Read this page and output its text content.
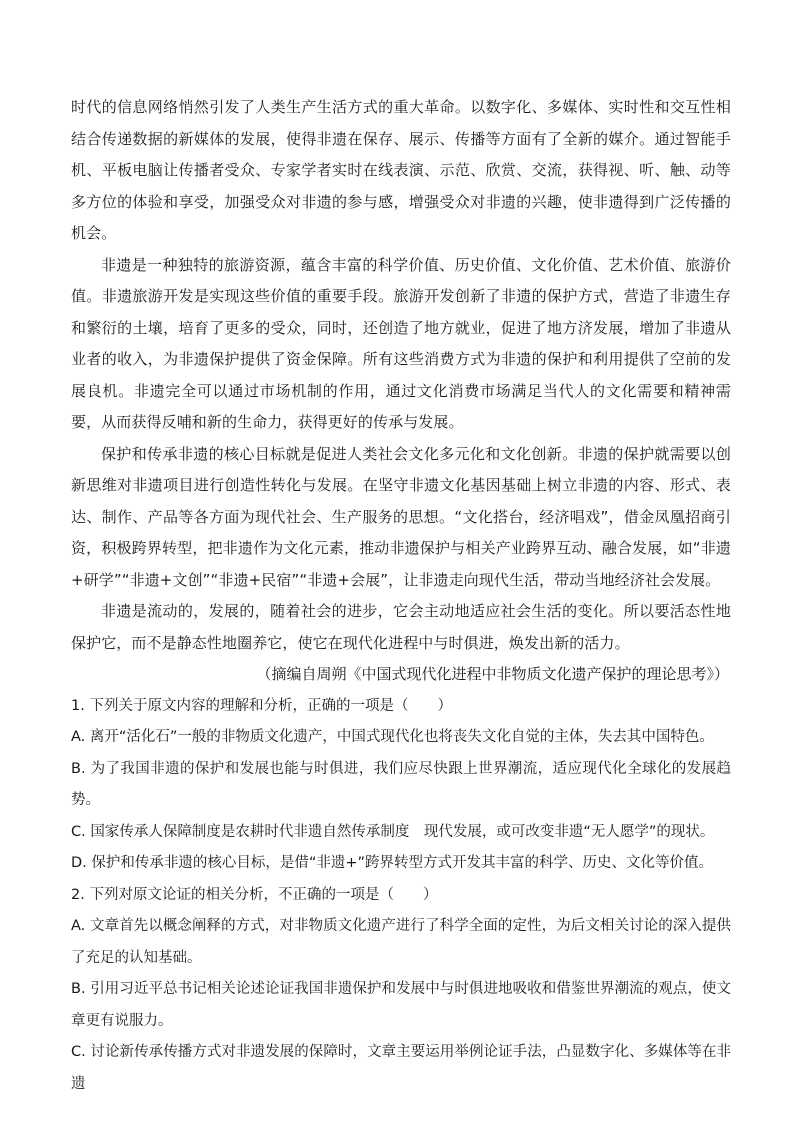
时代的信息网络悄然引发了人类生产生活方式的重大革命。以数字化、多媒体、实时性和交互性相结合传递数据的新媒体的发展，使得非遗在保存、展示、传播等方面有了全新的媒介。通过智能手机、平板电脑让传播者受众、专家学者实时在线表演、示范、欣赏、交流，获得视、听、触、动等多方位的体验和享受，加强受众对非遗的参与感，增强受众对非遗的兴趣，使非遗得到广泛传播的机会。

非遗是一种独特的旅游资源，蕴含丰富的科学价值、历史价值、文化价值、艺术价值、旅游价值。非遗旅游开发是实现这些价值的重要手段。旅游开发创新了非遗的保护方式，营造了非遗生存和繁衍的土壤，培育了更多的受众，同时，还创造了地方就业，促进了地方济发展，增加了非遗从业者的收入，为非遗保护提供了资金保障。所有这些消费方式为非遗的保护和利用提供了空前的发展良机。非遗完全可以通过市场机制的作用，通过文化消费市场满足当代人的文化需要和精神需要，从而获得反哺和新的生命力，获得更好的传承与发展。

保护和传承非遗的核心目标就是促进人类社会文化多元化和文化创新。非遗的保护就需要以创新思维对非遗项目进行创造性转化与发展。在坚守非遗文化基因基础上树立非遗的内容、形式、表达、制作、产品等各方面为现代社会、生产服务的思想。“文化搭台，经济唱戏”，借金凤凰招商引资，积极跨界转型，把非遗作为文化元素，推动非遗保护与相关产业跨界互动、融合发展，如“非遗+研学”“非遗+文创”“非遗+民宿”“非遗+会展”，让非遗走向现代生活，带动当地经济社会发展。

非遗是流动的，发展的，随着社会的进步，它会主动地适应社会生活的变化。所以要活态性地保护它，而不是静态性地圈养它，使它在现代化进程中与时俱进，焕发出新的活力。

（摘编自周朔《中国式现代化进程中非物质文化遗产保护的理论思考》）

1. 下列关于原文内容的理解和分析，正确的一项是（　　）

A. 离开“活化石”一般的非物质文化遗产，中国式现代化也将丧失文化自觉的主体，失去其中国特色。

B. 为了我国非遗的保护和发展也能与时俱进，我们应尽快跟上世界潮流，适应现代化全球化的发展趋势。

C. 国家传承人保障制度是农耕时代非遗自然传承制度　现代发展，或可改变非遗“无人愿学”的现状。

D. 保护和传承非遗的核心目标，是借“非遗+”跨界转型方式开发其丰富的科学、历史、文化等价值。

2. 下列对原文论证的相关分析，不正确的一项是（　　）

A. 文章首先以概念阐释的方式，对非物质文化遗产进行了科学全面的定性，为后文相关讨论的深入提供了充足的认知基础。

B. 引用习近平总书记相关论述论证我国非遗保护和发展中与时俱进地吸收和借鉴世界潮流的观点，使文章更有说服力。

C. 讨论新传承传播方式对非遗发展的保障时，文章主要运用举例论证手法，凸显数字化、多媒体等在非遗
